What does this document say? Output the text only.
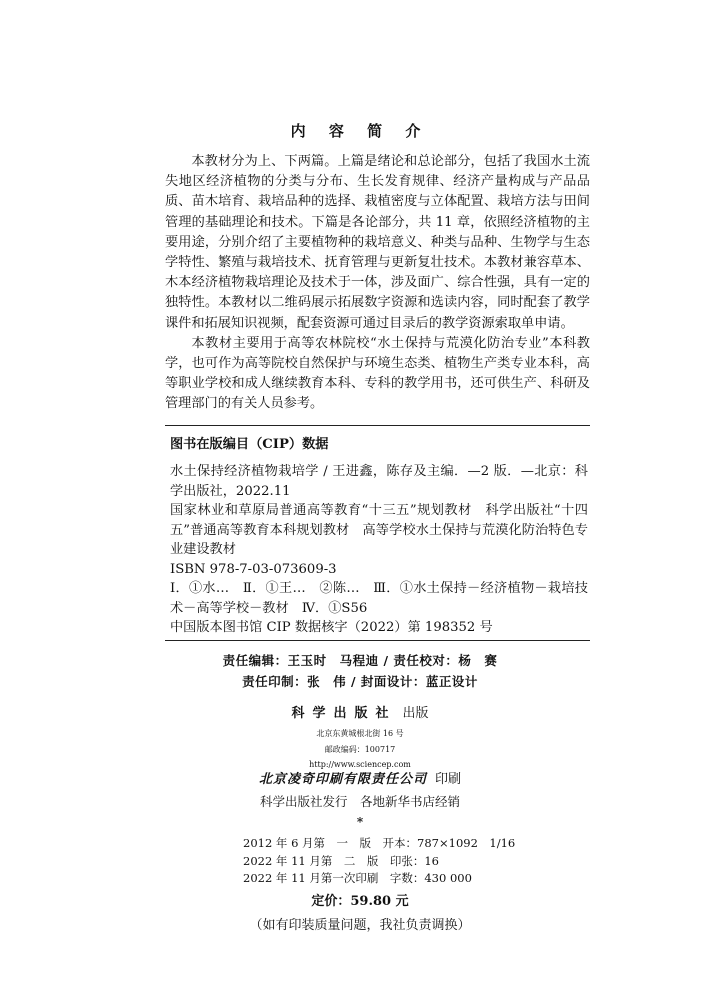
内 容 简 介

本教材分为上、下两篇。上篇是绪论和总论部分，包括了我国水土流失地区经济植物的分类与分布、生长发育规律、经济产量构成与产品品质、苗木培育、栽培品种的选择、栽植密度与立体配置、栽培方法与田间管理的基础理论和技术。下篇是各论部分，共 11 章，依照经济植物的主要用途，分别介绍了主要植物种的栽培意义、种类与品种、生物学与生态学特性、繁殖与栽培技术、抚育管理与更新复壮技术。本教材兼容草本、木本经济植物栽培理论及技术于一体，涉及面广、综合性强，具有一定的独特性。本教材以二维码展示拓展数字资源和选读内容，同时配套了教学课件和拓展知识视频，配套资源可通过目录后的教学资源索取单申请。

本教材主要用于高等农林院校“水土保持与荒漠化防治专业”本科教学，也可作为高等院校自然保护与环境生态类、植物生产类专业本科，高等职业学校和成人继续教育本科、专科的教学用书，还可供生产、科研及管理部门的有关人员参考。

图书在版编目（CIP）数据

水土保持经济植物栽培学 / 王进鑫，陈存及主编．—2 版．—北京：科学出版社，2022.11

国家林业和草原局普通高等教育“十三五”规划教材　科学出版社“十四五”普通高等教育本科规划教材　高等学校水土保持与荒漠化防治特色专业建设教材

ISBN 978-7-03-073609-3

Ⅰ．①水…　Ⅱ．①王…　②陈…　Ⅲ．①水土保持－经济植物－栽培技术－高等学校－教材　Ⅳ．①S56

中国版本图书馆 CIP 数据核字（2022）第 198352 号

责任编辑：王玉时　马程迪 / 责任校对：杨　赛
责任印制：张　伟 / 封面设计：蓝正设计
科学出版社 出版
北京东黄城根北街 16 号
邮政编码：100717
http://www.sciencep.com
北京凌奇印刷有限责任公司 印刷
科学出版社发行　各地新华书店经销
*
2012 年 6 月第　一　版　开本：787×1092　1/16
2022 年 11 月第　二　版　印张：16
2022 年 11 月第一次印刷　字数：430 000
定价：59.80 元
（如有印装质量问题，我社负责调换）
